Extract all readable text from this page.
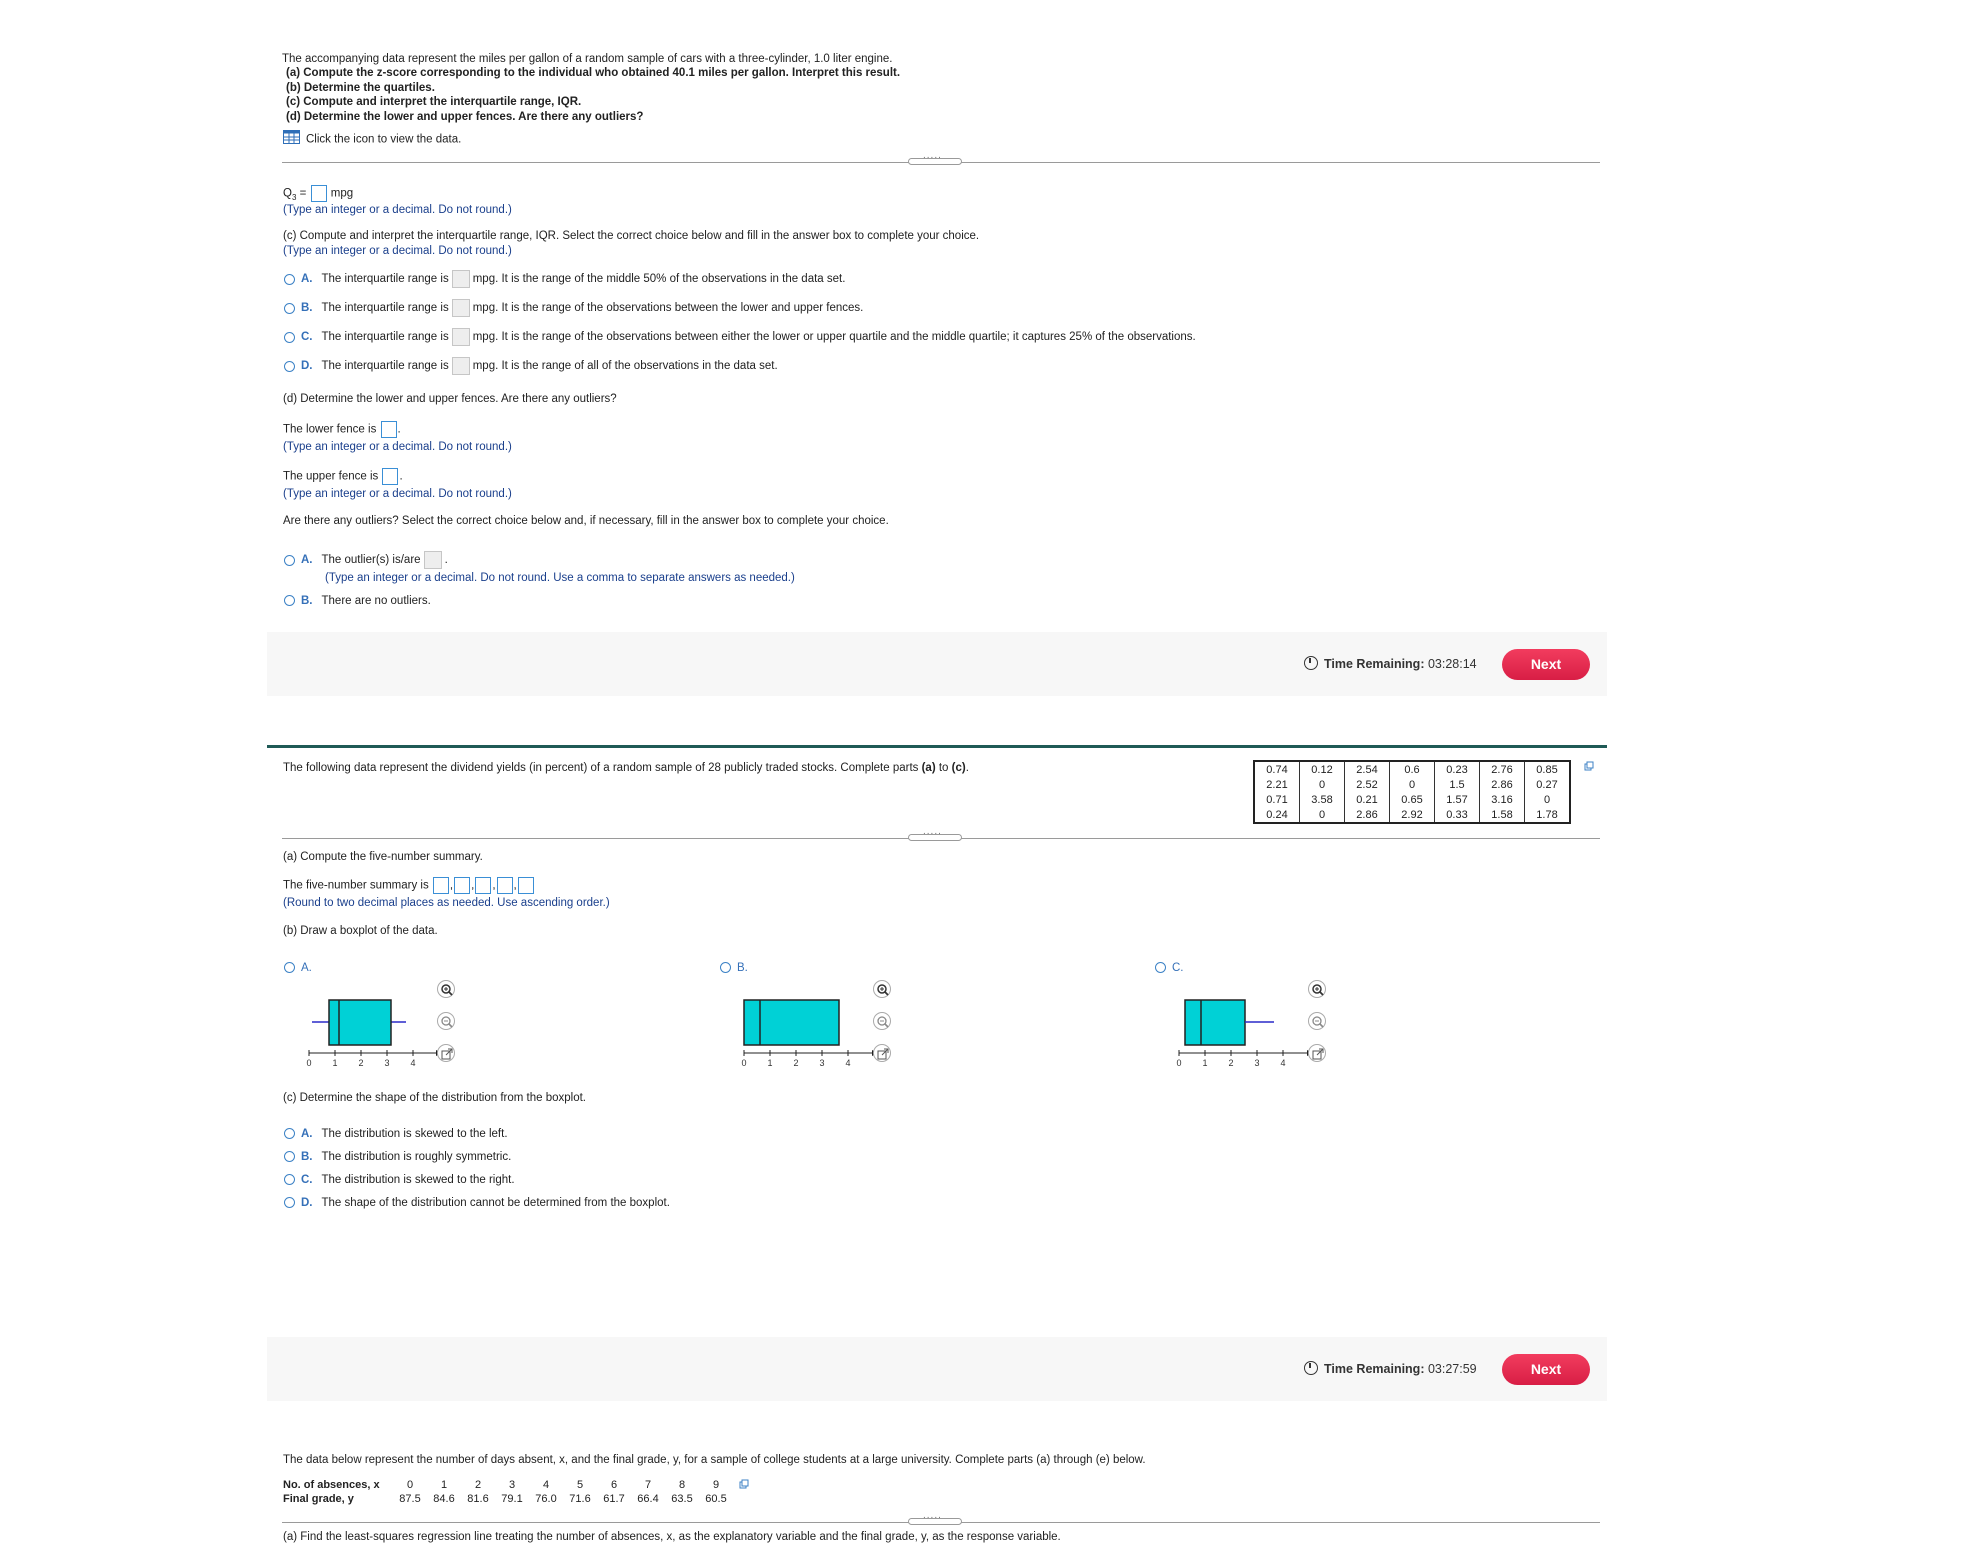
The accompanying data represent the miles per gallon of a random sample of cars with a three-cylinder, 1.0 liter engine.
(a) Compute the z-score corresponding to the individual who obtained 40.1 miles per gallon. Interpret this result.
(b) Determine the quartiles.
(c) Compute and interpret the interquartile range, IQR.
(d) Determine the lower and upper fences. Are there any outliers?
Click the icon to view the data.
.....
$Q_3$ = mpg
(Type an integer or a decimal. Do not round.)
(c) Compute and interpret the interquartile range, IQR. Select the correct choice below and fill in the answer box to complete your choice.
(Type an integer or a decimal. Do not round.)
A. The interquartile range is mpg. It is the range of the middle 50% of the observations in the data set.
B. The interquartile range is mpg. It is the range of the observations between the lower and upper fences.
C. The interquartile range is mpg. It is the range of the observations between either the lower or upper quartile and the middle quartile; it captures 25% of the observations.
D. The interquartile range is mpg. It is the range of all of the observations in the data set.
(d) Determine the lower and upper fences. Are there any outliers?
The lower fence is .
(Type an integer or a decimal. Do not round.)
The upper fence is .
(Type an integer or a decimal. Do not round.)
Are there any outliers? Select the correct choice below and, if necessary, fill in the answer box to complete your choice.
A. The outlier(s) is/are .
(Type an integer or a decimal. Do not round. Use a comma to separate answers as needed.)
B. There are no outliers.
Time Remaining: 03:28:14	Next
The following data represent the dividend yields (in percent) of a random sample of 28 publicly traded stocks. Complete parts (a) to (c).	0.74	0.12	2.54	0.6	0.23	2.76	0.85
2.21	0	2.52	0	1.5	2.86	0.27
0.71	3.58	0.21	0.65	1.57	3.16	0
0.24	0	2.86	2.92	0.33	1.58	1.78
.....
(a) Compute the five-number summary.
The five-number summary is , , , ,
(Round to two decimal places as needed. Use ascending order.)
(b) Draw a boxplot of the data.
A.
0 1 2 3 4
B.
0 1 2 3 4
C.
0 1 2 3 4
(c) Determine the shape of the distribution from the boxplot.
A. The distribution is skewed to the left.
B. The distribution is roughly symmetric.
C. The distribution is skewed to the right.
D. The shape of the distribution cannot be determined from the boxplot.
Time Remaining: 03:27:59	Next
The data below represent the number of days absent, x, and the final grade, y, for a sample of college students at a large university. Complete parts (a) through (e) below.
No. of absences, x	0	1	2	3	4	5	6	7	8	9
Final grade, y	87.5	84.6	81.6	79.1	76.0	71.6	61.7	66.4	63.5	60.5
.....
(a) Find the least-squares regression line treating the number of absences, x, as the explanatory variable and the final grade, y, as the response variable.
